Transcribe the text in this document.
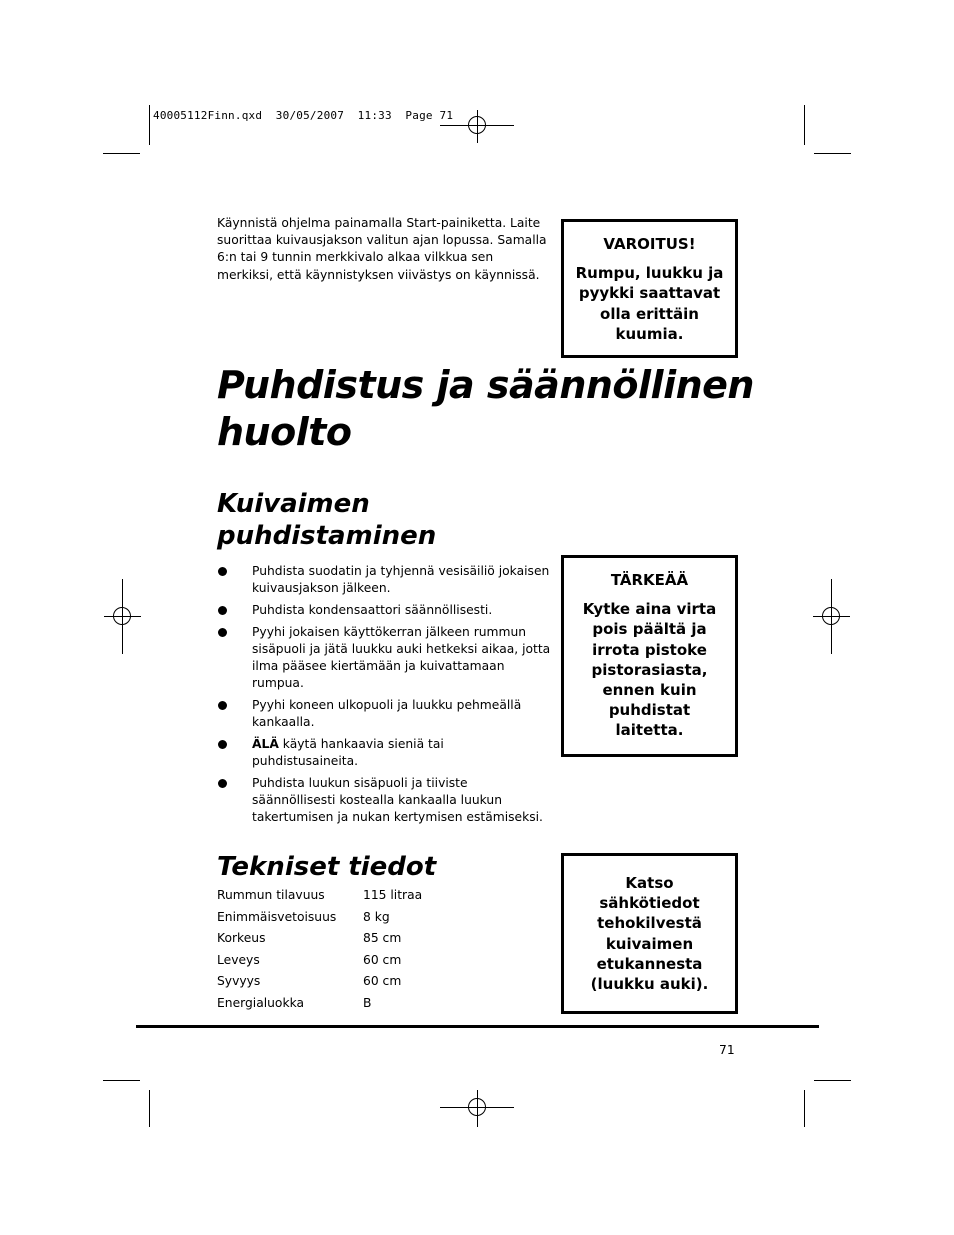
40005112Finn.qxd  30/05/2007  11:33  Page 71
Käynnistä ohjelma painamalla Start-painiketta. Laite suorittaa kuivausjakson valitun ajan lopussa. Samalla 6:n tai 9 tunnin merkkivalo alkaa vilkkua sen merkiksi, että käynnistyksen viivästys on käynnissä.
VAROITUS!
Rumpu, luukku ja pyykki saattavat olla erittäin kuumia.
Puhdistus ja säännöllinen
huolto
Kuivaimen
puhdistaminen
Puhdista suodatin ja tyhjennä vesisäiliö jokaisen kuivausjakson jälkeen.
Puhdista kondensaattori säännöllisesti.
Pyyhi jokaisen käyttökerran jälkeen rummun sisäpuoli ja jätä luukku auki hetkeksi aikaa, jotta ilma pääsee kiertämään ja kuivattamaan rumpua.
Pyyhi koneen ulkopuoli ja luukku pehmeällä kankaalla.
ÄLÄ käytä hankaavia sieniä tai puhdistusaineita.
Puhdista luukun sisäpuoli ja tiiviste säännöllisesti kostealla kankaalla luukun takertumisen ja nukan kertymisen estämiseksi.
TÄRKEÄÄ
Kytke aina virta pois päältä ja irrota pistoke pistorasiasta, ennen kuin puhdistat laitetta.
Tekniset tiedot
Rummun tilavuus	115 litraa
Enimmäisvetoisuus 8 kg
Korkeus	85 cm
Leveys	60 cm
Syvyys	60 cm
Energialuokka	B
Katso sähkötiedot tehokilvestä kuivaimen etukannesta (luukku auki).
71
